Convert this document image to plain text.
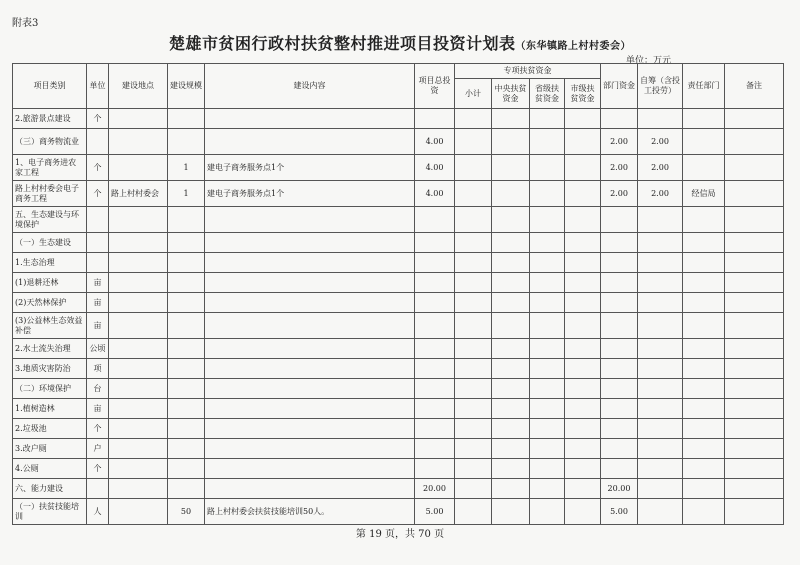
附表3
楚雄市贫困行政村扶贫整村推进项目投资计划表（东华镇路上村村委会）
单位：万元
项目类别	单位	建设地点	建设规模	建设内容	项目总投资	专项扶贫资金				部门资金	自筹（含投工投劳）	责任部门	备注
						小计	中央扶贫资金	省级扶贫资金	市级扶贫资金				
2.旅游景点建设	个												
（三）商务物流业					4.00					2.00	2.00		
1、电子商务进农家工程	个		1	建电子商务服务点1个	4.00					2.00	2.00		
路上村村委会电子商务工程	个	路上村村委会	1	建电子商务服务点1个	4.00					2.00	2.00	经信局	
五、生态建设与环境保护													
（一）生态建设													
1.生态治理													
(1)退耕还林	亩												
(2)天然林保护	亩												
(3)公益林生态效益补偿	亩												
2.水土流失治理	公顷												
3.地质灾害防治	项												
（二）环境保护	台												
1.植树造林	亩												
2.垃圾池	个												
3.改户厕	户												
4.公厕	个												
六、能力建设					20.00					20.00			
（一）扶贫技能培训	人		50	路上村村委会扶贫技能培训50人。	5.00					5.00			
第 19 页，共 70 页
